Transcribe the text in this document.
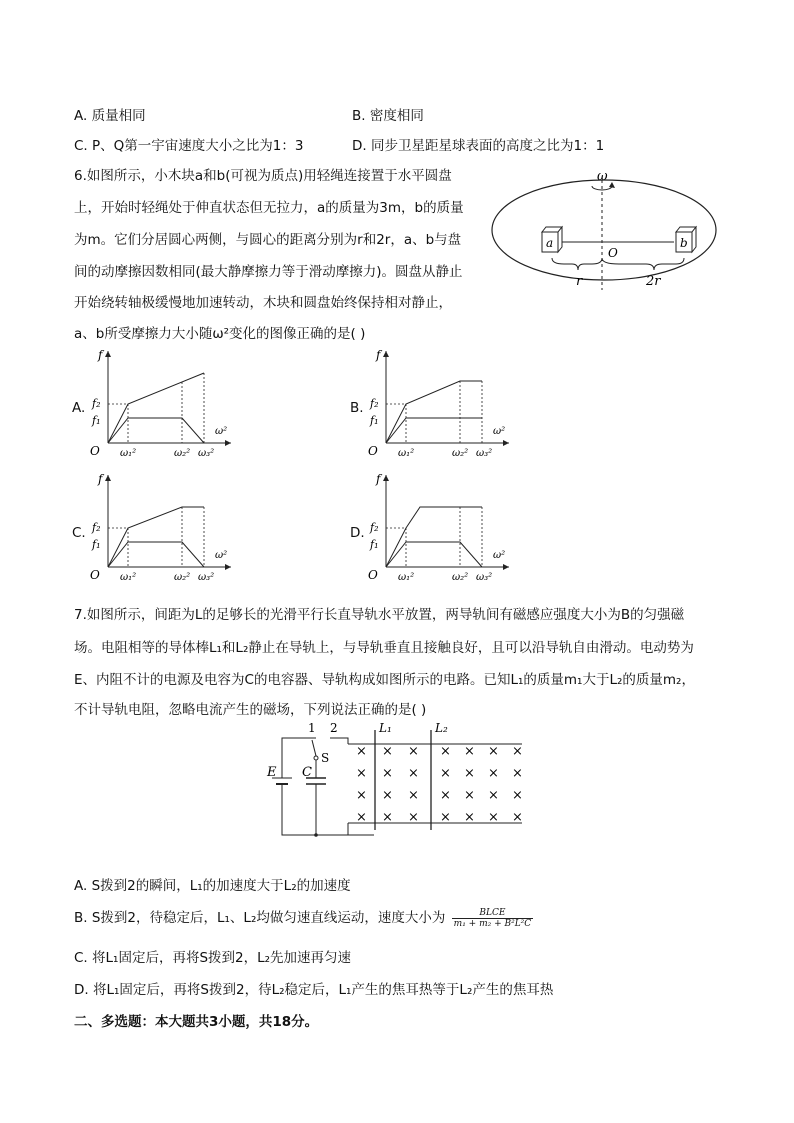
A. 质量相同	B. 密度相同
C. P、Q第一宇宙速度大小之比为1：3	D. 同步卫星距星球表面的高度之比为1：1
6.如图所示，小木块a和b(可视为质点)用轻绳连接置于水平圆盘
上，开始时轻绳处于伸直状态但无拉力，a的质量为3m，b的质量
为m。它们分居圆心两侧，与圆心的距离分别为r和2r，a、b与盘
间的动摩擦因数相同(最大静摩擦力等于滑动摩擦力)。圆盘从静止
开始绕转轴极缓慢地加速转动，木块和圆盘始终保持相对静止，
a、b所受摩擦力大小随ω²变化的图像正确的是( )
ω
a	b
O
r	2r
A.	B.
C.	D.
f
O
ω²
f₂
f₁
ω₁²	ω₂² ω₃²
f
O
ω²
f₂
f₁
ω₁²	ω₂² ω₃²
f
O
ω²
f₂
f₁
ω₁²	ω₂² ω₃²
f
O
ω²
f₂
f₁
ω₁²	ω₂² ω₃²
7.如图所示，间距为L的足够长的光滑平行长直导轨水平放置，两导轨间有磁感应强度大小为B的匀强磁
场。电阻相等的导体棒L₁和L₂静止在导轨上，与导轨垂直且接触良好，且可以沿导轨自由滑动。电动势为
E、内阻不计的电源及电容为C的电容器、导轨构成如图所示的电路。已知L₁的质量m₁大于L₂的质量m₂，
不计导轨电阻，忽略电流产生的磁场，下列说法正确的是( )
1 2
E
S
C
L₁	L₂
× × × × × × ×
× × × × × × ×
× × × × × × ×
× × × × × × ×
A. S拨到2的瞬间，L₁的加速度大于L₂的加速度
B. S拨到2，待稳定后，L₁、L₂均做匀速直线运动，速度大小为	BLCE
m₁ + m₂ + B²L²C
C. 将L₁固定后，再将S拨到2，L₂先加速再匀速
D. 将L₁固定后，再将S拨到2，待L₂稳定后，L₁产生的焦耳热等于L₂产生的焦耳热
二、多选题：本大题共3小题，共18分。
